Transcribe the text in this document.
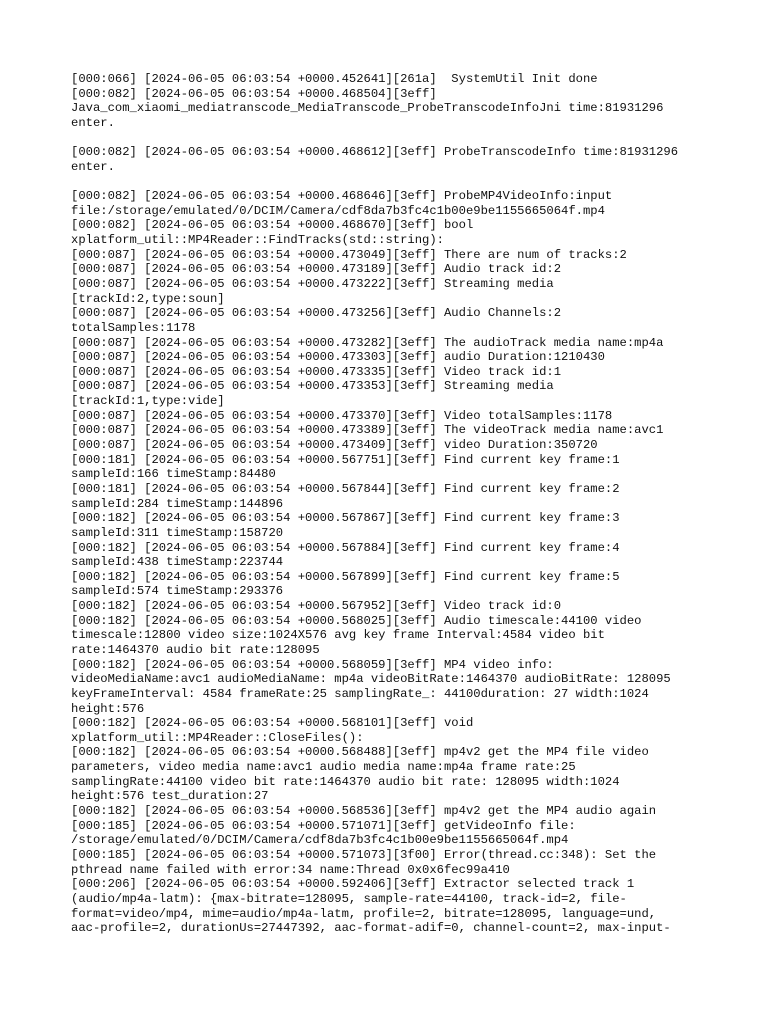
[000:066] [2024-06-05 06:03:54 +0000.452641][261a]  SystemUtil Init done
[000:082] [2024-06-05 06:03:54 +0000.468504][3eff]
Java_com_xiaomi_mediatranscode_MediaTranscode_ProbeTranscodeInfoJni time:81931296
enter.
[000:082] [2024-06-05 06:03:54 +0000.468612][3eff] ProbeTranscodeInfo time:81931296
enter.
[000:082] [2024-06-05 06:03:54 +0000.468646][3eff] ProbeMP4VideoInfo:input
file:/storage/emulated/0/DCIM/Camera/cdf8da7b3fc4c1b00e9be1155665064f.mp4
[000:082] [2024-06-05 06:03:54 +0000.468670][3eff] bool
xplatform_util::MP4Reader::FindTracks(std::string):
[000:087] [2024-06-05 06:03:54 +0000.473049][3eff] There are num of tracks:2
[000:087] [2024-06-05 06:03:54 +0000.473189][3eff] Audio track id:2
[000:087] [2024-06-05 06:03:54 +0000.473222][3eff] Streaming media
[trackId:2,type:soun]
[000:087] [2024-06-05 06:03:54 +0000.473256][3eff] Audio Channels:2
totalSamples:1178
[000:087] [2024-06-05 06:03:54 +0000.473282][3eff] The audioTrack media name:mp4a
[000:087] [2024-06-05 06:03:54 +0000.473303][3eff] audio Duration:1210430
[000:087] [2024-06-05 06:03:54 +0000.473335][3eff] Video track id:1
[000:087] [2024-06-05 06:03:54 +0000.473353][3eff] Streaming media
[trackId:1,type:vide]
[000:087] [2024-06-05 06:03:54 +0000.473370][3eff] Video totalSamples:1178
[000:087] [2024-06-05 06:03:54 +0000.473389][3eff] The videoTrack media name:avc1
[000:087] [2024-06-05 06:03:54 +0000.473409][3eff] video Duration:350720
[000:181] [2024-06-05 06:03:54 +0000.567751][3eff] Find current key frame:1
sampleId:166 timeStamp:84480
[000:181] [2024-06-05 06:03:54 +0000.567844][3eff] Find current key frame:2
sampleId:284 timeStamp:144896
[000:182] [2024-06-05 06:03:54 +0000.567867][3eff] Find current key frame:3
sampleId:311 timeStamp:158720
[000:182] [2024-06-05 06:03:54 +0000.567884][3eff] Find current key frame:4
sampleId:438 timeStamp:223744
[000:182] [2024-06-05 06:03:54 +0000.567899][3eff] Find current key frame:5
sampleId:574 timeStamp:293376
[000:182] [2024-06-05 06:03:54 +0000.567952][3eff] Video track id:0
[000:182] [2024-06-05 06:03:54 +0000.568025][3eff] Audio timescale:44100 video
timescale:12800 video size:1024X576 avg key frame Interval:4584 video bit
rate:1464370 audio bit rate:128095
[000:182] [2024-06-05 06:03:54 +0000.568059][3eff] MP4 video info:
videoMediaName:avc1 audioMediaName: mp4a videoBitRate:1464370 audioBitRate: 128095
keyFrameInterval: 4584 frameRate:25 samplingRate_: 44100duration: 27 width:1024
height:576
[000:182] [2024-06-05 06:03:54 +0000.568101][3eff] void
xplatform_util::MP4Reader::CloseFiles():
[000:182] [2024-06-05 06:03:54 +0000.568488][3eff] mp4v2 get the MP4 file video
parameters, video media name:avc1 audio media name:mp4a frame rate:25
samplingRate:44100 video bit rate:1464370 audio bit rate: 128095 width:1024
height:576 test_duration:27
[000:182] [2024-06-05 06:03:54 +0000.568536][3eff] mp4v2 get the MP4 audio again
[000:185] [2024-06-05 06:03:54 +0000.571071][3eff] getVideoInfo file:
/storage/emulated/0/DCIM/Camera/cdf8da7b3fc4c1b00e9be1155665064f.mp4
[000:185] [2024-06-05 06:03:54 +0000.571073][3f00] Error(thread.cc:348): Set the
pthread name failed with error:34 name:Thread 0x0x6fec99a410
[000:206] [2024-06-05 06:03:54 +0000.592406][3eff] Extractor selected track 1
(audio/mp4a-latm): {max-bitrate=128095, sample-rate=44100, track-id=2, file-
format=video/mp4, mime=audio/mp4a-latm, profile=2, bitrate=128095, language=und,
aac-profile=2, durationUs=27447392, aac-format-adif=0, channel-count=2, max-input-
